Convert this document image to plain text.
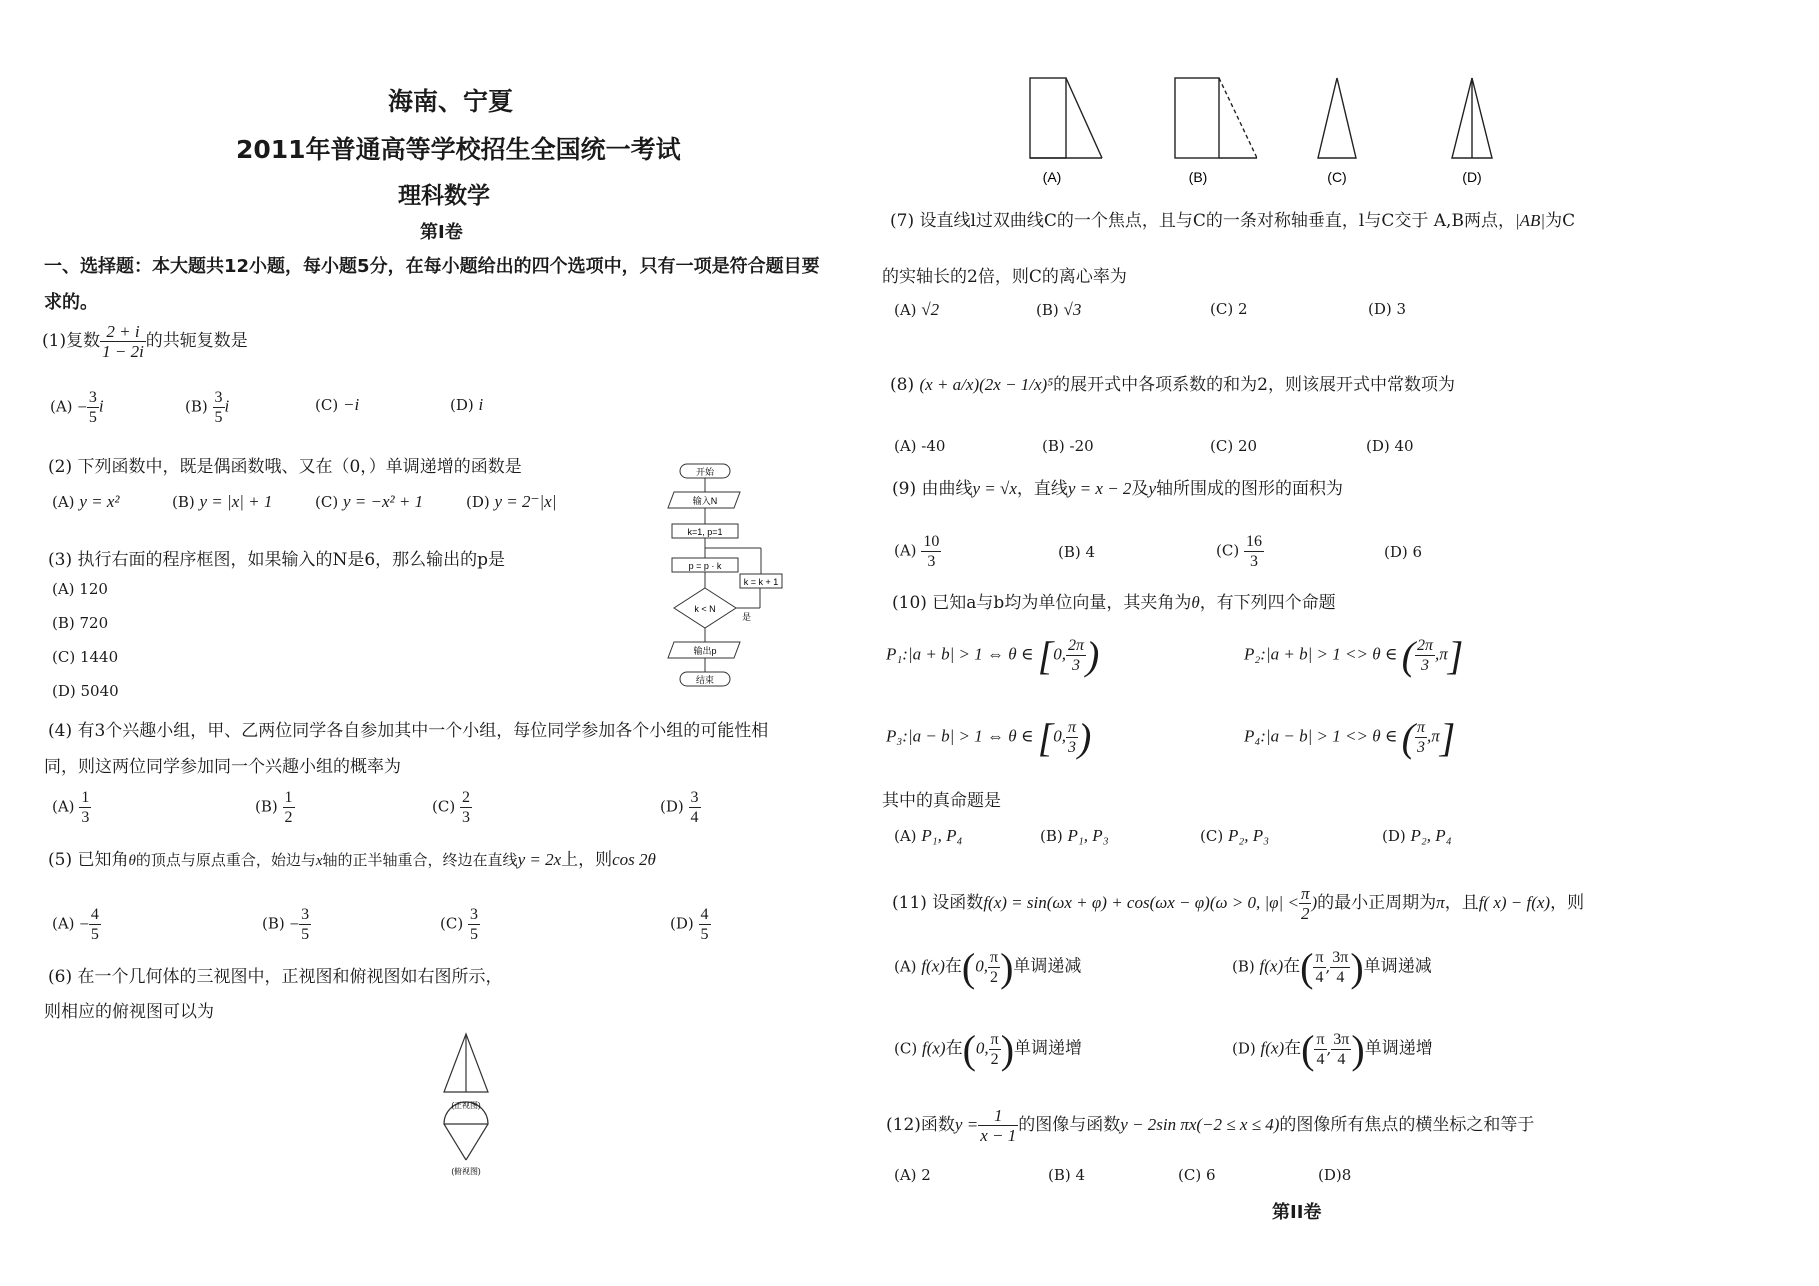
海南、宁夏
2011年普通高等学校招生全国统一考试
理科数学
第I卷
一、选择题：本大题共12小题，每小题5分，在每小题给出的四个选项中，只有一项是符合题目要
求的。
(1)复数 $\frac{2 + i}{1 - 2i}$ 的共轭复数是
$(A) - \frac{3}{5}$ i	$(B) \frac{3}{5}$ i	(C) −i	(D) i
(2) 下列函数中，既是偶函数哦、又在（0，）单调递增的函数是
(A) y = x²	(B) y = |x| + 1	(C) y = −x² + 1	(D) y = 2⁻|x|
(3) 执行右面的程序框图，如果输入的N是6，那么输出的p是
(A) 120
(B) 720
(C) 1440
(D) 5040
开始
输入N
k=1, p=1
p = p · k
k = k + 1
k < N
是
输出p
结束
(4) 有3个兴趣小组，甲、乙两位同学各自参加其中一个小组，每位同学参加各个小组的可能性相
同，则这两位同学参加同一个兴趣小组的概率为
$(A) \frac{1}{3}$	$(B) \frac{1}{2}$	$(C) \frac{2}{3}$	$(D) \frac{3}{4}$
(5) 已知角θ的顶点与原点重合，始边与x轴的正半轴重合，终边在直线y = 2x上，则cos 2θ
$(A) - \frac{4}{5}$	$(B) - \frac{3}{5}$	$(C) \frac{3}{5}$	$(D) \frac{4}{5}$
(6) 在一个几何体的三视图中，正视图和俯视图如右图所示，
则相应的俯视图可以为
(正视图)
(俯视图)
(A)	(B)	(C)	(D)
(7) 设直线l过双曲线C的一个焦点，且与C的一条对称轴垂直，l与C交于 A,B两点，|AB|为C
的实轴长的2倍，则C的离心率为
(A) √2	(B) √3	(C) 2	(D) 3
(8) (x + a/x)(2x − 1/x)⁵的展开式中各项系数的和为2，则该展开式中常数项为
(A) -40	(B) -20	(C) 20	(D) 40
(9) 由曲线y = √x，直线y = x − 2及y轴所围成的图形的面积为
$(A) \frac{10}{3}$	(B) 4	$(C) \frac{16}{3}$	(D) 6
(10) 已知a与b均为单位向量，其夹角为θ，有下列四个命题
P₁:|a + b| > 1 ⇔ θ ∈ [0, $\frac{2\pi}{3}$ )	P₂:|a + b| > 1 <> θ ∈ ( $\frac{2\pi}{3} ,\pi$]
P₃:|a − b| > 1 ⇔ θ ∈ [0, $\frac{\pi}{3}$ )	P₄:|a − b| > 1 <> θ ∈ ( $\frac{\pi}{3} ,\pi$]
其中的真命题是
(A) P₁, P₄	(B) P₁, P₃	(C) P₂, P₃	(D) P₂, P₄
(11) 设函数f(x) = sin(ωx + φ) + cos(ωx − φ)(ω > 0, $|\varphi| < \frac{\pi}{2}$ )的最小正周期为π，且f( x) − f(x)，则
(A) f(x)在(0, $\frac{\pi}{2}$ )单调递减	(B) f(x)在( $\frac{\pi}{4}$ , $\frac{3\pi}{4}$ )单调递减
(C) f(x)在(0, $\frac{\pi}{2}$ )单调递增	(D) f(x)在( $\frac{\pi}{4}$ , $\frac{3\pi}{4}$ )单调递增
(12)函数$y = \frac{1}{x - 1}$ 的图像与函数y − 2sin πx(−2 ≤ x ≤ 4)的图像所有焦点的横坐标之和等于
(A) 2	(B) 4	(C) 6	(D)8
第II卷
